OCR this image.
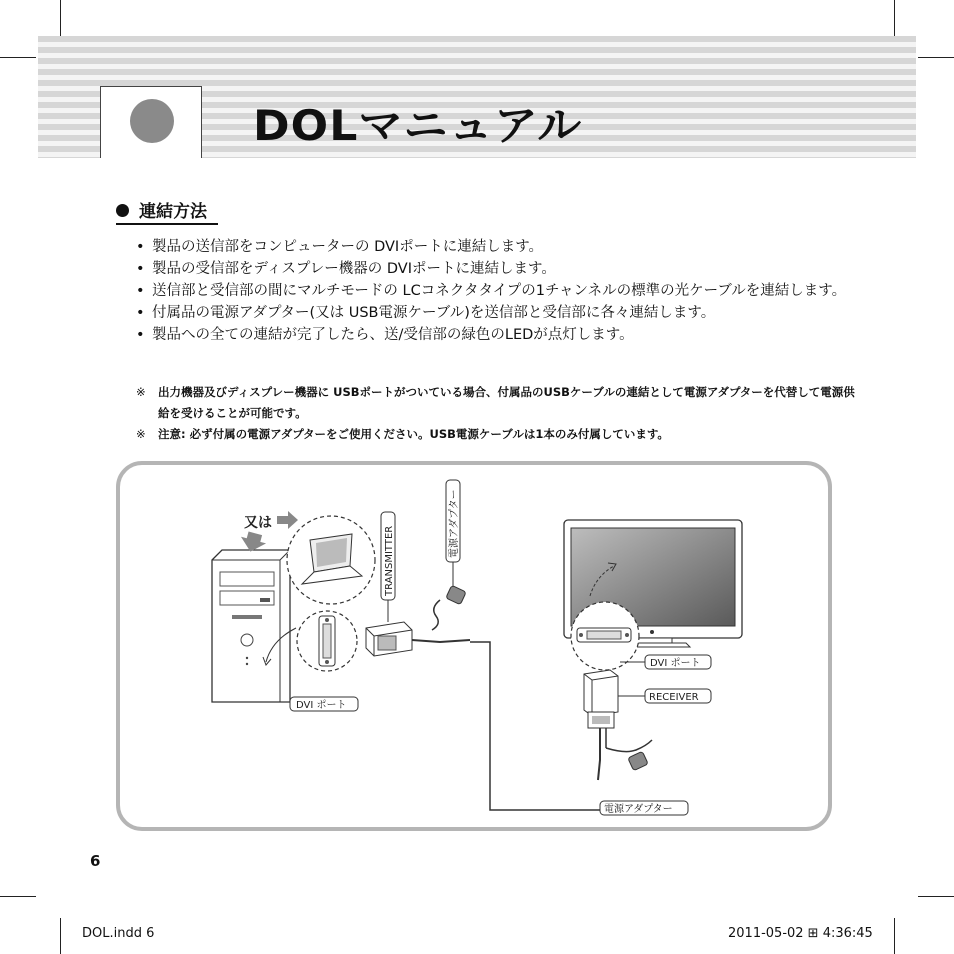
DOLマニュアル
連結方法
• 製品の送信部をコンピューターの DVIポートに連結します。
• 製品の受信部をディスプレー機器の DVIポートに連結します。
• 送信部と受信部の間にマルチモードの LCコネクタタイプの1チャンネルの標準の光ケーブルを連結します。
• 付属品の電源アダプター(又は USB電源ケーブル)を送信部と受信部に各々連結します。
• 製品への全ての連結が完了したら、送/受信部の緑色のLEDが点灯します。
※ 出力機器及びディスプレー機器に USBポートがついている場合、付属品のUSBケーブルの連結として電源アダプターを代替して電源供給を受けることが可能です。
※ 注意: 必ず付属の電源アダプターをご使用ください。USB電源ケーブルは1本のみ付属しています。
又は
DVI ポート
TRANSMITTER
電源アダプター
DVI ポート
RECEIVER
電源アダプター
6
DOL.indd 6	2011-05-02 ⊞ 4:36:45
